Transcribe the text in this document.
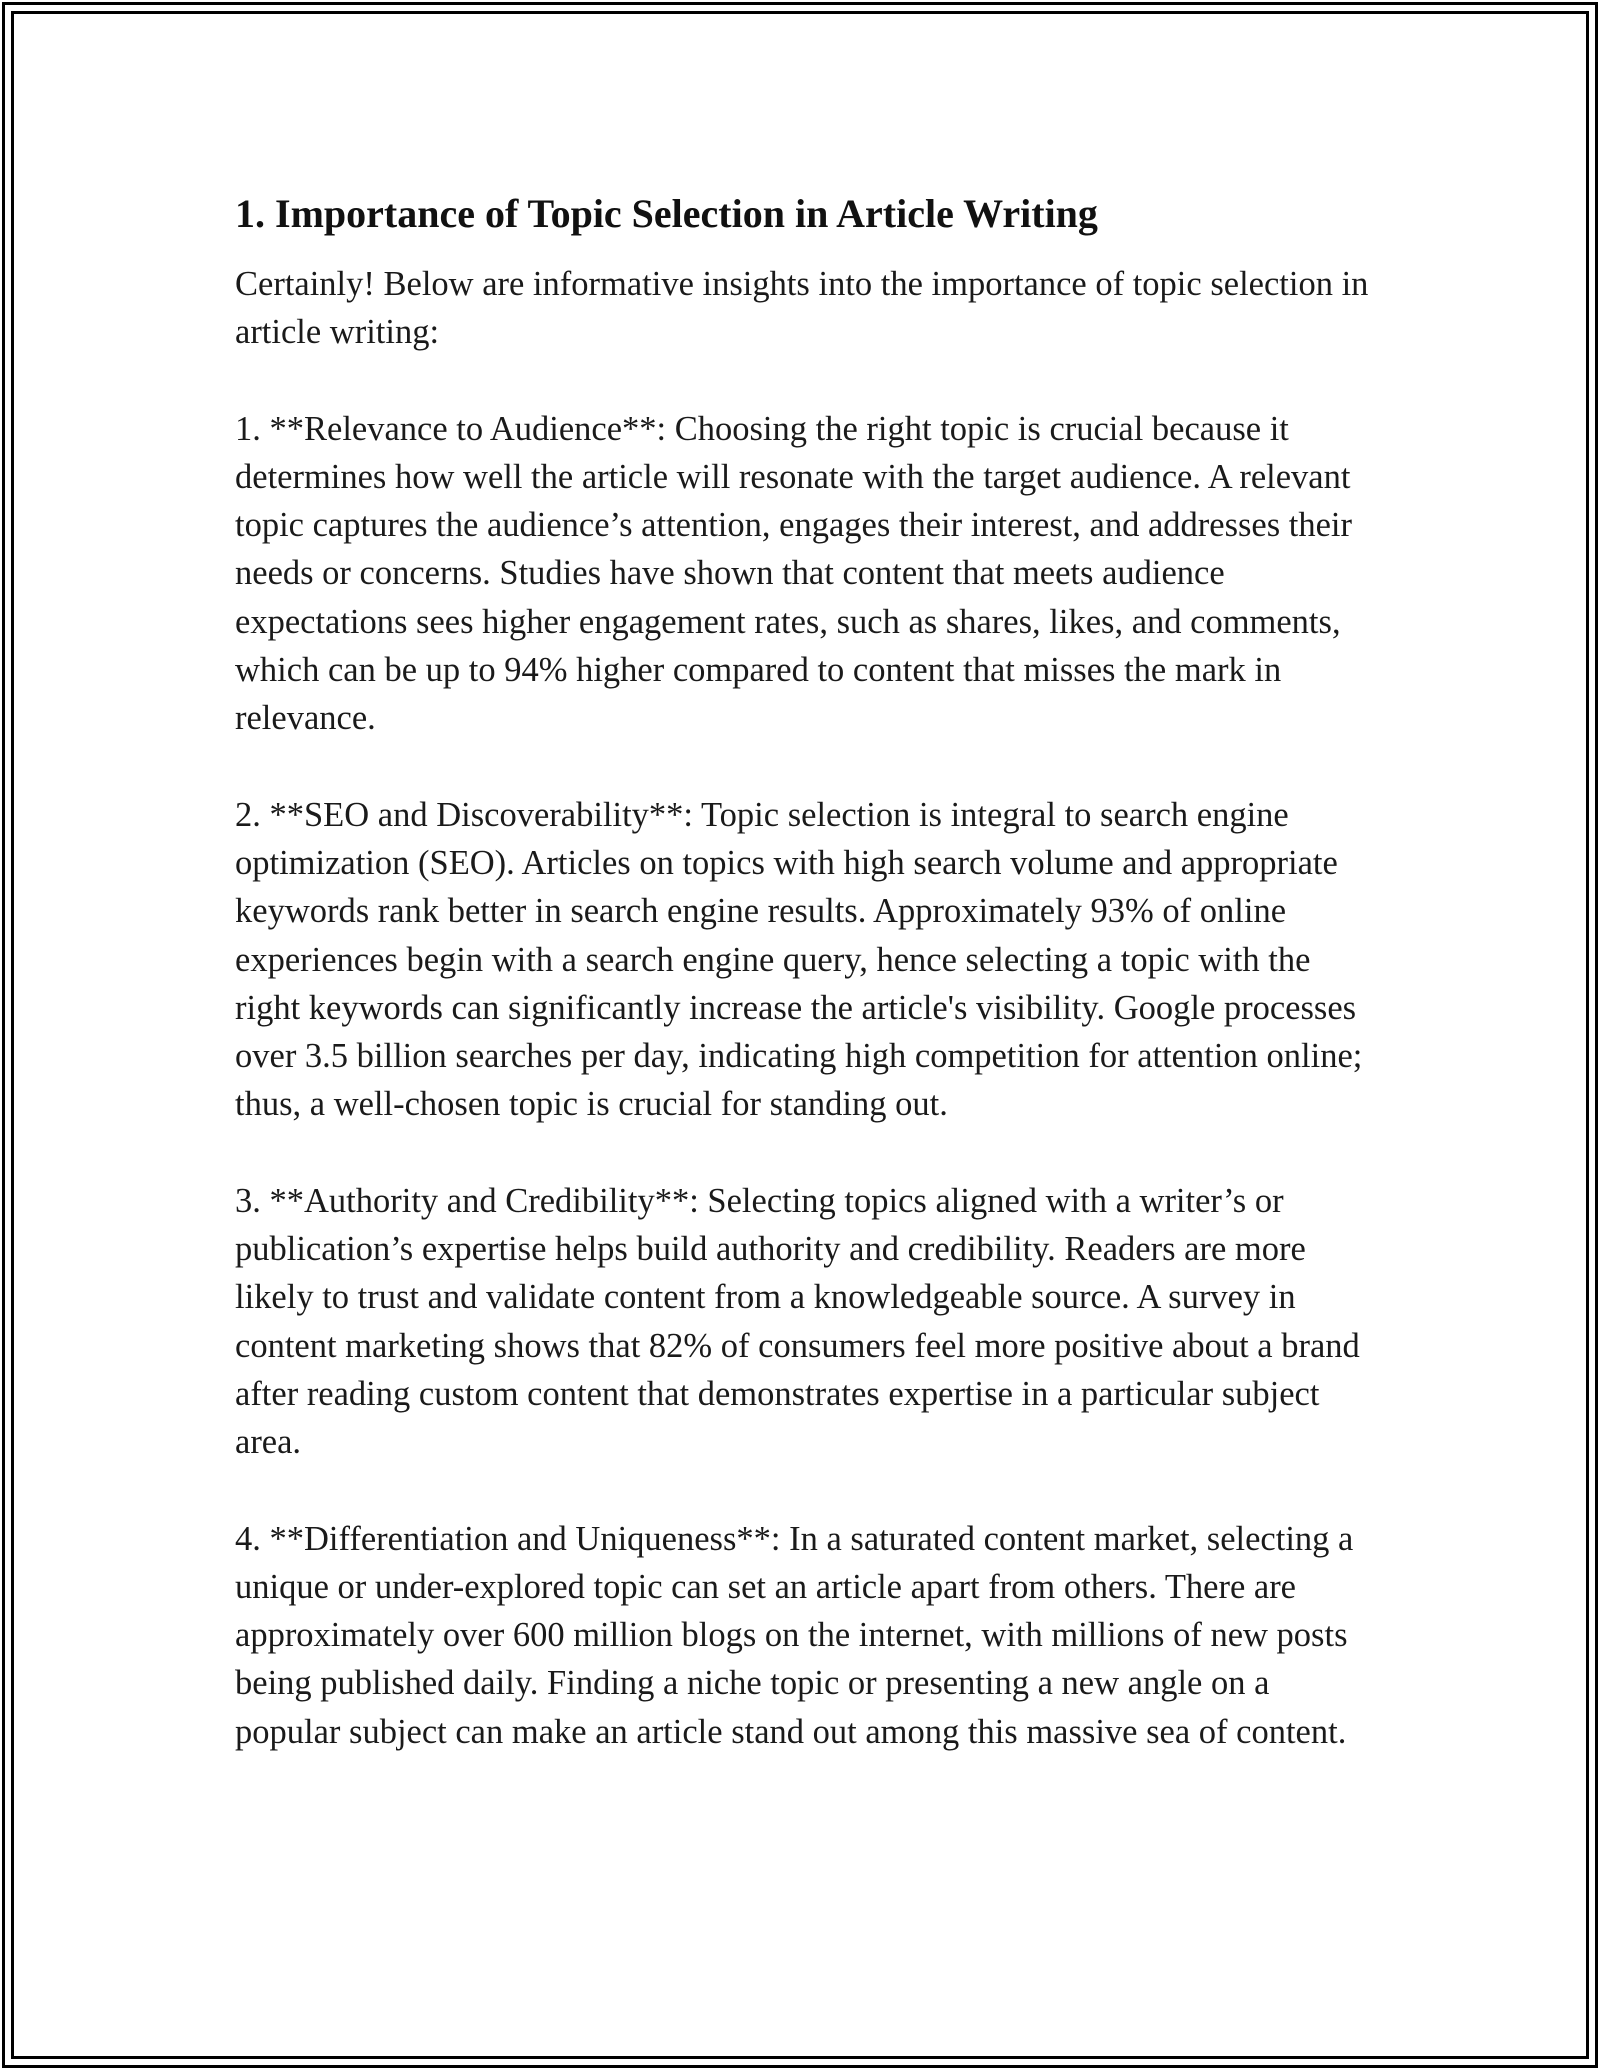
1. Importance of Topic Selection in Article Writing

Certainly! Below are informative insights into the importance of topic selection in article writing:

1. **Relevance to Audience**: Choosing the right topic is crucial because it determines how well the article will resonate with the target audience. A relevant topic captures the audience’s attention, engages their interest, and addresses their needs or concerns. Studies have shown that content that meets audience expectations sees higher engagement rates, such as shares, likes, and comments, which can be up to 94% higher compared to content that misses the mark in relevance.

2. **SEO and Discoverability**: Topic selection is integral to search engine optimization (SEO). Articles on topics with high search volume and appropriate keywords rank better in search engine results. Approximately 93% of online experiences begin with a search engine query, hence selecting a topic with the right keywords can significantly increase the article's visibility. Google processes over 3.5 billion searches per day, indicating high competition for attention online; thus, a well-chosen topic is crucial for standing out.

3. **Authority and Credibility**: Selecting topics aligned with a writer’s or publication’s expertise helps build authority and credibility. Readers are more likely to trust and validate content from a knowledgeable source. A survey in content marketing shows that 82% of consumers feel more positive about a brand after reading custom content that demonstrates expertise in a particular subject area.

4. **Differentiation and Uniqueness**: In a saturated content market, selecting a unique or under-explored topic can set an article apart from others. There are approximately over 600 million blogs on the internet, with millions of new posts being published daily. Finding a niche topic or presenting a new angle on a popular subject can make an article stand out among this massive sea of content.
